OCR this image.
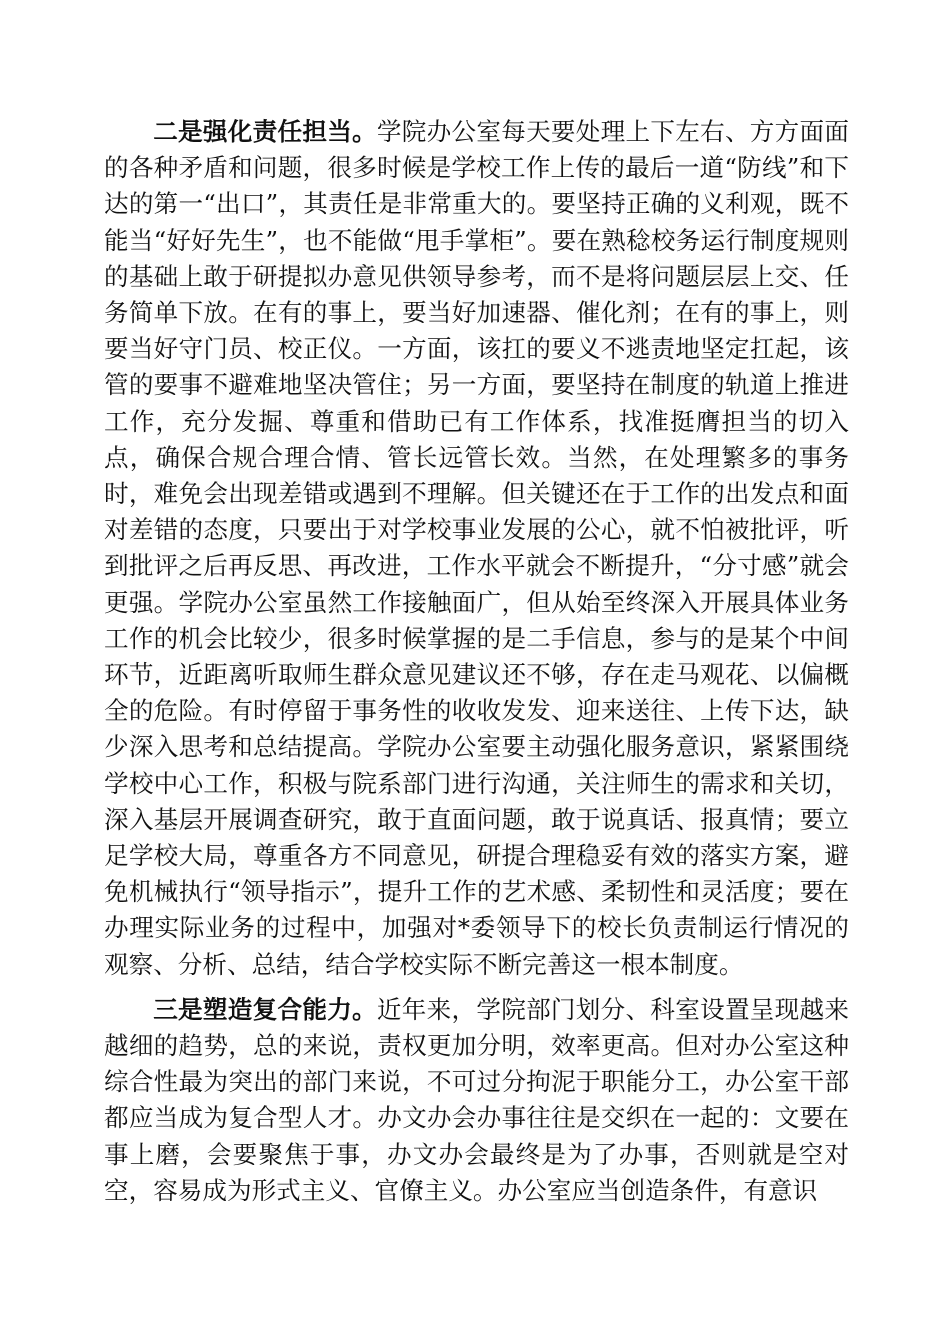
二是强化责任担当。学院办公室每天要处理上下左右、方方面面的各种矛盾和问题，很多时候是学校工作上传的最后一道“防线”和下达的第一“出口”，其责任是非常重大的。要坚持正确的义利观，既不能当“好好先生”，也不能做“甩手掌柜”。要在熟稔校务运行制度规则的基础上敢于研提拟办意见供领导参考，而不是将问题层层上交、任务简单下放。在有的事上，要当好加速器、催化剂；在有的事上，则要当好守门员、校正仪。一方面，该扛的要义不逃责地坚定扛起，该管的要事不避难地坚决管住；另一方面，要坚持在制度的轨道上推进工作，充分发掘、尊重和借助已有工作体系，找准挺膺担当的切入点，确保合规合理合情、管长远管长效。当然，在处理繁多的事务时，难免会出现差错或遇到不理解。但关键还在于工作的出发点和面对差错的态度，只要出于对学校事业发展的公心，就不怕被批评，听到批评之后再反思、再改进，工作水平就会不断提升，“分寸感”就会更强。学院办公室虽然工作接触面广，但从始至终深入开展具体业务工作的机会比较少，很多时候掌握的是二手信息，参与的是某个中间环节，近距离听取师生群众意见建议还不够，存在走马观花、以偏概全的危险。有时停留于事务性的收收发发、迎来送往、上传下达，缺少深入思考和总结提高。学院办公室要主动强化服务意识，紧紧围绕学校中心工作，积极与院系部门进行沟通，关注师生的需求和关切，深入基层开展调查研究，敢于直面问题，敢于说真话、报真情；要立足学校大局，尊重各方不同意见，研提合理稳妥有效的落实方案，避免机械执行“领导指示”，提升工作的艺术感、柔韧性和灵活度；要在办理实际业务的过程中，加强对*委领导下的校长负责制运行情况的观察、分析、总结，结合学校实际不断完善这一根本制度。

三是塑造复合能力。近年来，学院部门划分、科室设置呈现越来越细的趋势，总的来说，责权更加分明，效率更高。但对办公室这种综合性最为突出的部门来说，不可过分拘泥于职能分工，办公室干部都应当成为复合型人才。办文办会办事往往是交织在一起的：文要在事上磨，会要聚焦于事，办文办会最终是为了办事，否则就是空对空，容易成为形式主义、官僚主义。办公室应当创造条件，有意识
